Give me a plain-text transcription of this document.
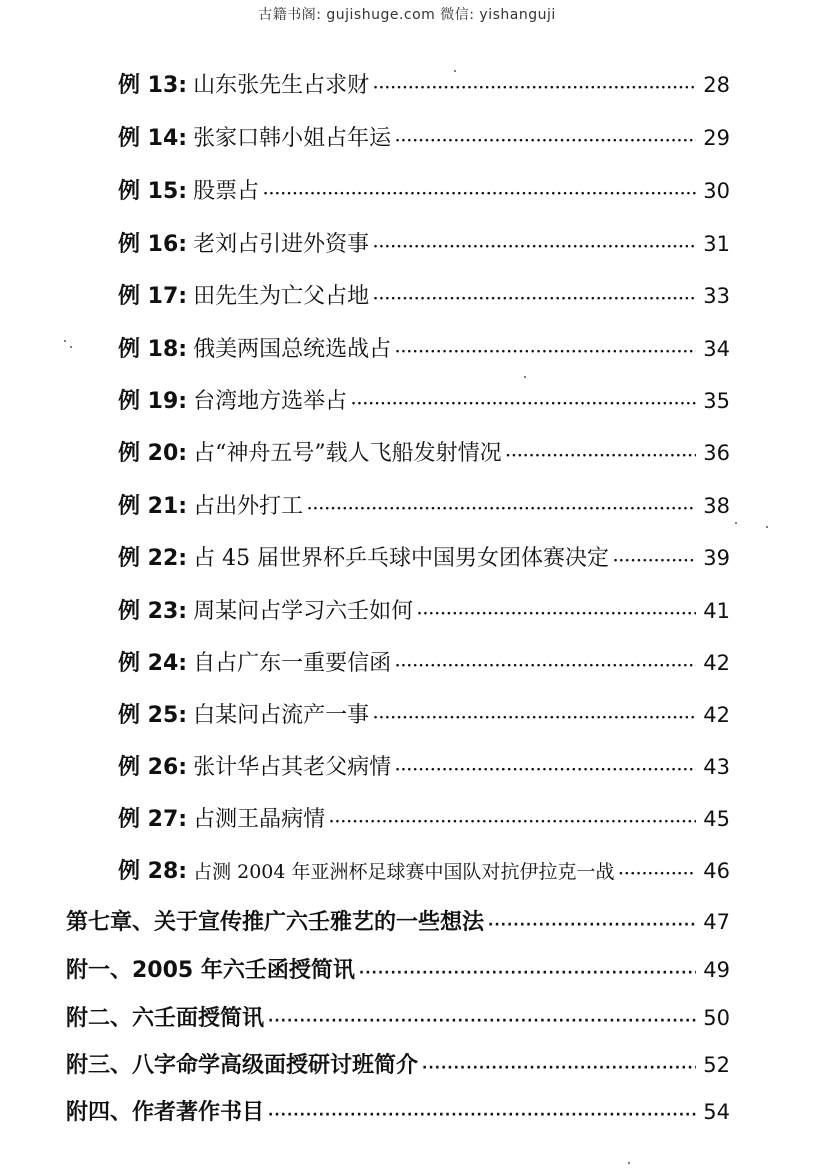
古籍书阁: gujishuge.com 微信: yishanguji
例 13: 山东张先生占求财 ·····	28
例 14: 张家口韩小姐占年运 ·····	29
例 15: 股票占 ·····	30
例 16: 老刘占引进外资事 ·····	31
例 17: 田先生为亡父占地 ·····	33
例 18: 俄美两国总统选战占 ·····	34
例 19: 台湾地方选举占 ·····	35
例 20: 占“神舟五号”载人飞船发射情况 ·····	36
例 21: 占出外打工 ·····	38
例 22: 占 45 届世界杯乒乓球中国男女团体赛决定 ·····	39
例 23: 周某问占学习六壬如何 ·····	41
例 24: 自占广东一重要信函 ·····	42
例 25: 白某问占流产一事 ·····	42
例 26: 张计华占其老父病情 ·····	43
例 27: 占测王晶病情 ·····	45
例 28: 占测 2004 年亚洲杯足球赛中国队对抗伊拉克一战 ·····	46
第七章、关于宣传推广六壬雅艺的一些想法 ·····	47
附一、2005 年六壬函授简讯 ·····	49
附二、六壬面授简讯 ·····	50
附三、八字命学高级面授研讨班简介 ·····	52
附四、作者著作书目 ·····	54
